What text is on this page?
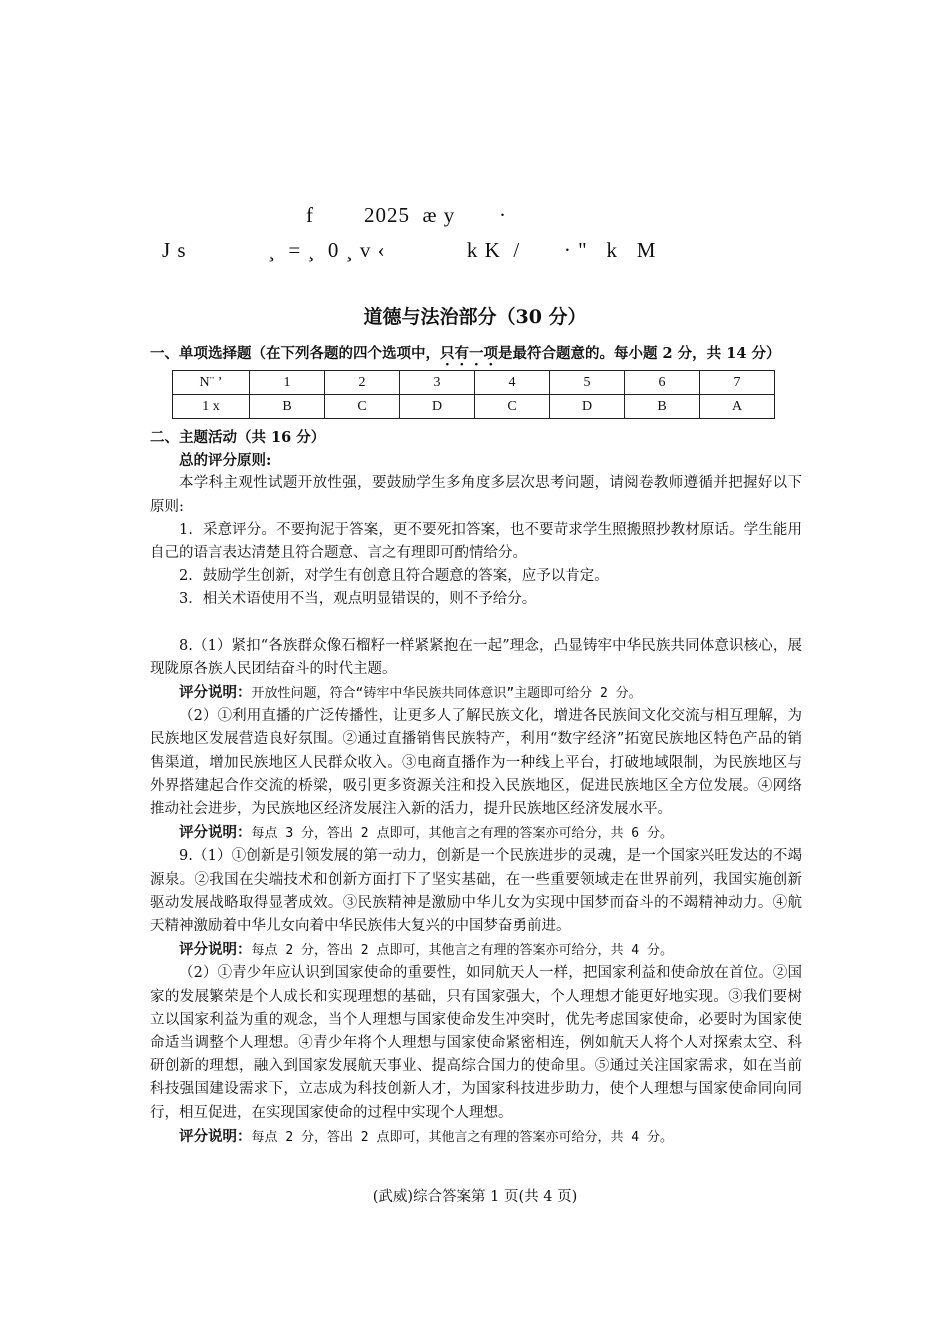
f        2025  æ y       ·
J s             ¸  = ¸  0 ¸ v ‹             k K  /       · "   k   M
道德与法治部分（30 分）
一、单项选择题（在下列各题的四个选项中，只有一项是最符合题意的。每小题 2 分，共 14 分）
N¨ ’	1	2	3	4	5	6	7
1 x	B	C	D	C	D	B	A

二、主题活动（共 16 分）

总的评分原则:

本学科主观性试题开放性强，要鼓励学生多角度多层次思考问题，请阅卷教师遵循并把握好以下原则:

1．采意评分。不要拘泥于答案，更不要死扣答案，也不要苛求学生照搬照抄教材原话。学生能用自己的语言表达清楚且符合题意、言之有理即可酌情给分。

2．鼓励学生创新，对学生有创意且符合题意的答案，应予以肯定。

3．相关术语使用不当，观点明显错误的，则不予给分。

8.（1）紧扣“各族群众像石榴籽一样紧紧抱在一起”理念，凸显铸牢中华民族共同体意识核心，展现陇原各族人民团结奋斗的时代主题。

评分说明：开放性问题，符合“铸牢中华民族共同体意识”主题即可给分 2 分。

（2）①利用直播的广泛传播性，让更多人了解民族文化，增进各民族间文化交流与相互理解，为民族地区发展营造良好氛围。②通过直播销售民族特产，利用“数字经济”拓宽民族地区特色产品的销售渠道，增加民族地区人民群众收入。③电商直播作为一种线上平台，打破地域限制，为民族地区与外界搭建起合作交流的桥梁，吸引更多资源关注和投入民族地区，促进民族地区全方位发展。④网络推动社会进步，为民族地区经济发展注入新的活力，提升民族地区经济发展水平。

评分说明：每点 3 分，答出 2 点即可，其他言之有理的答案亦可给分，共 6 分。

9.（1）①创新是引领发展的第一动力，创新是一个民族进步的灵魂，是一个国家兴旺发达的不竭源泉。②我国在尖端技术和创新方面打下了坚实基础，在一些重要领域走在世界前列，我国实施创新驱动发展战略取得显著成效。③民族精神是激励中华儿女为实现中国梦而奋斗的不竭精神动力。④航天精神激励着中华儿女向着中华民族伟大复兴的中国梦奋勇前进。

评分说明：每点 2 分，答出 2 点即可，其他言之有理的答案亦可给分，共 4 分。

（2）①青少年应认识到国家使命的重要性，如同航天人一样，把国家利益和使命放在首位。②国家的发展繁荣是个人成长和实现理想的基础，只有国家强大，个人理想才能更好地实现。③我们要树立以国家利益为重的观念，当个人理想与国家使命发生冲突时，优先考虑国家使命，必要时为国家使命适当调整个人理想。④青少年将个人理想与国家使命紧密相连，例如航天人将个人对探索太空、科研创新的理想，融入到国家发展航天事业、提高综合国力的使命里。⑤通过关注国家需求，如在当前科技强国建设需求下，立志成为科技创新人才，为国家科技进步助力，使个人理想与国家使命同向同行，相互促进，在实现国家使命的过程中实现个人理想。

评分说明：每点 2 分，答出 2 点即可，其他言之有理的答案亦可给分，共 4 分。

(武威)综合答案第 1 页(共 4 页)
